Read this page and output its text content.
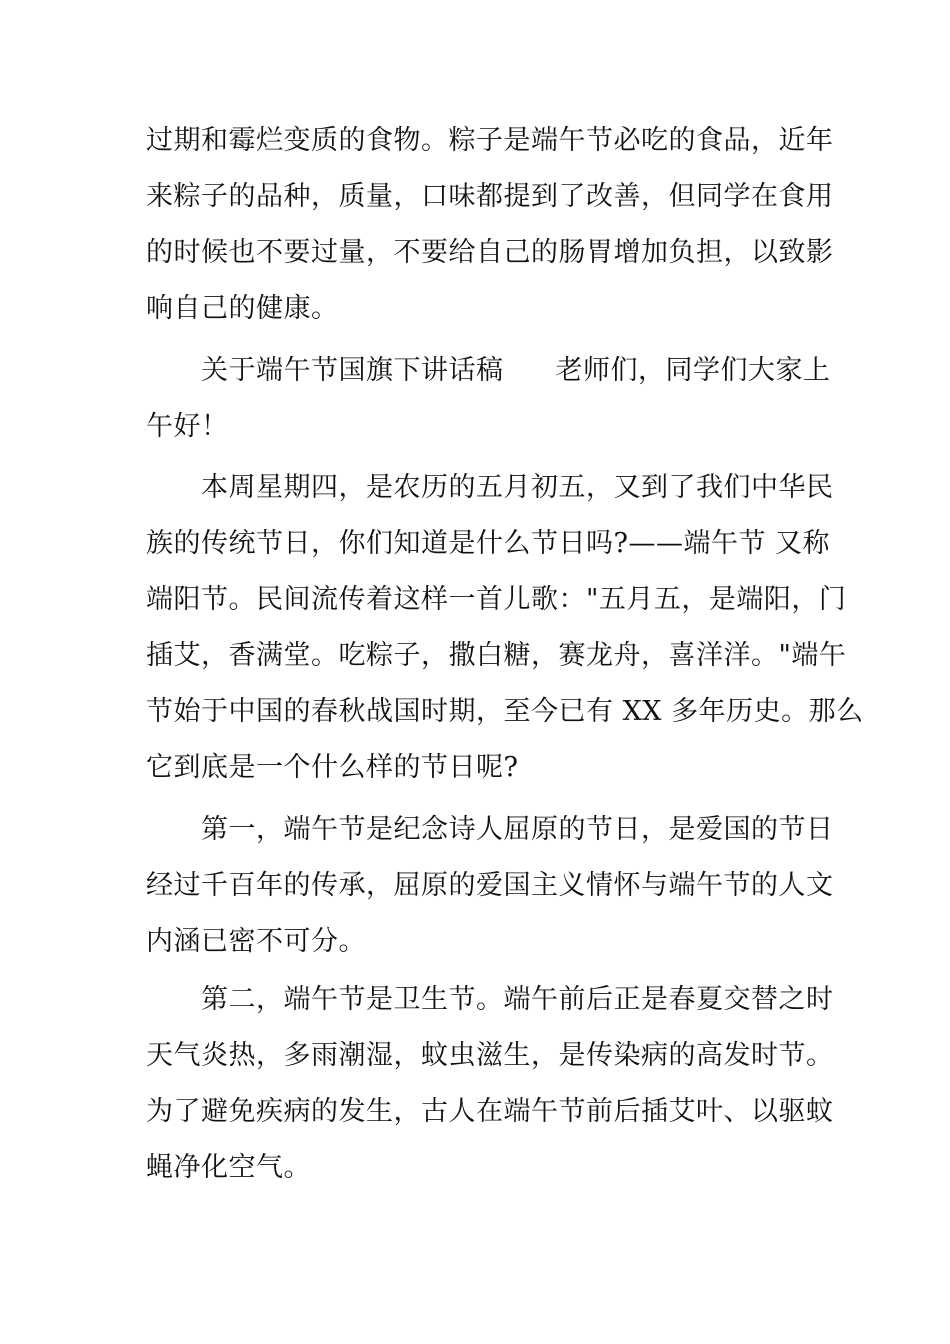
过期和霉烂变质的食物。粽子是端午节必吃的食品，近年
来粽子的品种，质量，口味都提到了改善，但同学在食用
的时候也不要过量，不要给自己的肠胃增加负担，以致影
响自己的健康。
关于端午节国旗下讲话稿 老师们，同学们大家上
午好！
本周星期四，是农历的五月初五，又到了我们中华民
族的传统节日，你们知道是什么节日吗?——端午节 又称
端阳节。民间流传着这样一首儿歌："五月五，是端阳，门
插艾，香满堂。吃粽子，撒白糖，赛龙舟，喜洋洋。"端午
节始于中国的春秋战国时期，至今已有 XX 多年历史。那么
它到底是一个什么样的节日呢?
第一，端午节是纪念诗人屈原的节日，是爱国的节日
经过千百年的传承，屈原的爱国主义情怀与端午节的人文
内涵已密不可分。
第二，端午节是卫生节。端午前后正是春夏交替之时
天气炎热，多雨潮湿，蚊虫滋生，是传染病的高发时节。
为了避免疾病的发生，古人在端午节前后插艾叶、以驱蚊
蝇净化空气。
